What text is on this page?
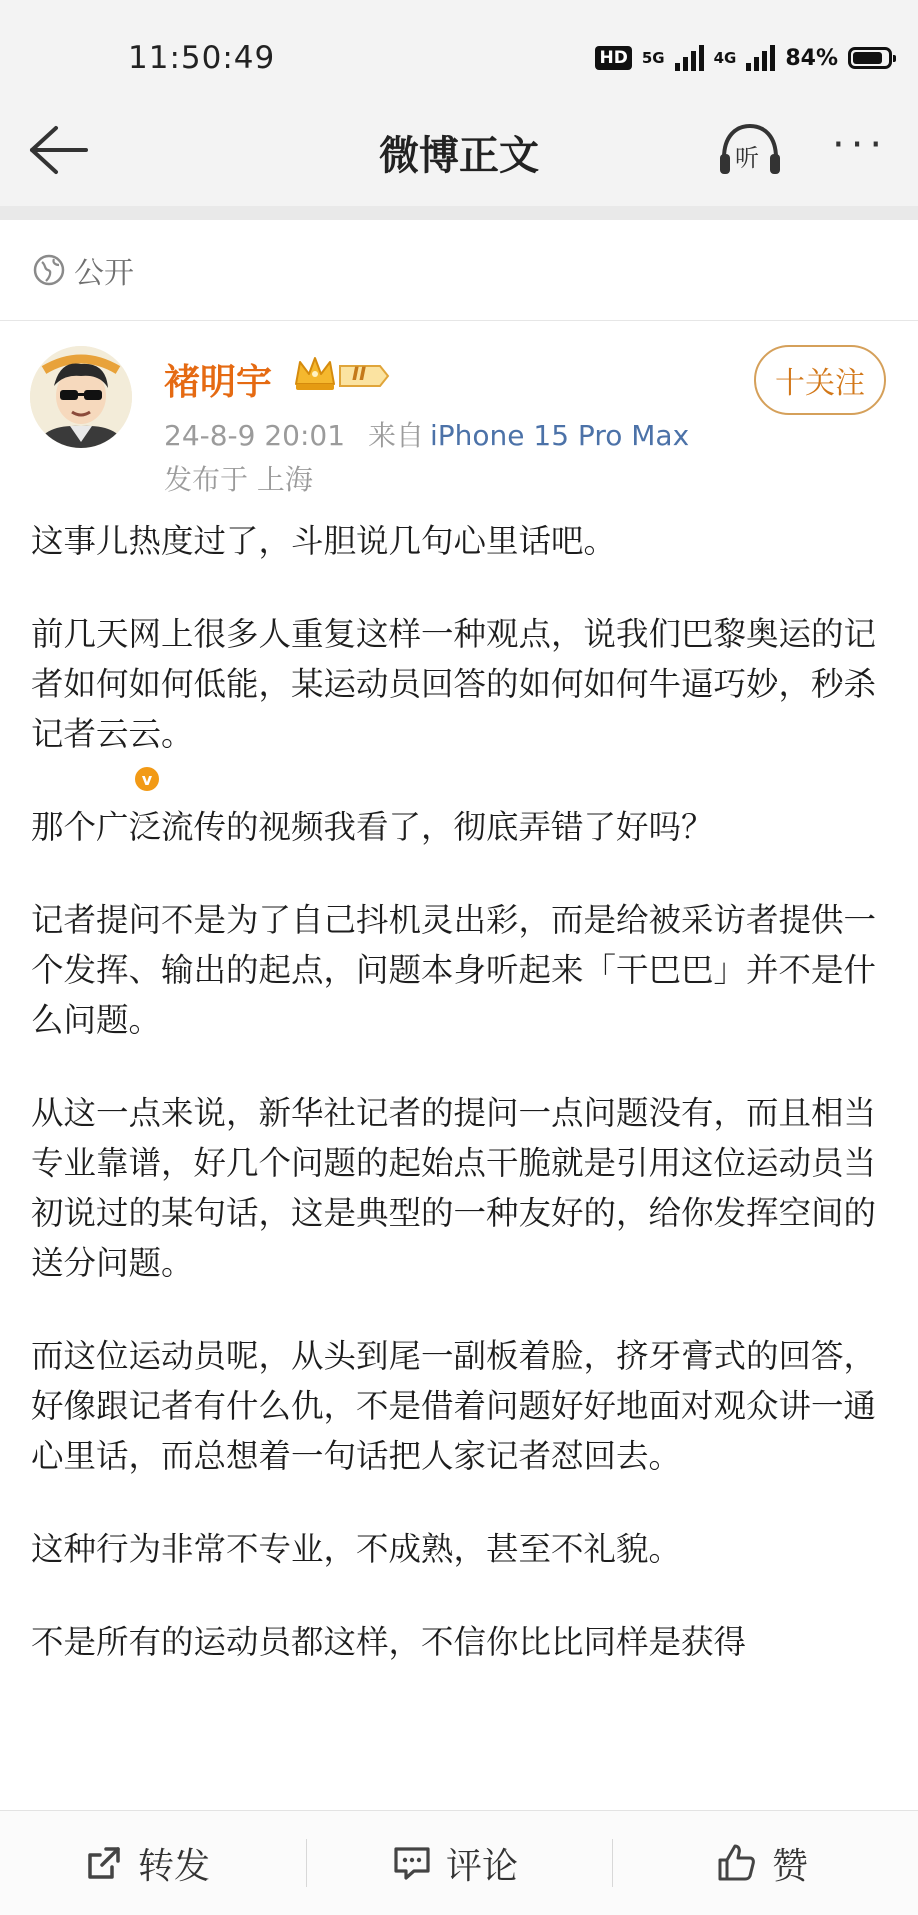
11:50:49	HD 5G	4G 84%
微博正文	听 ···
公开
v
褚明宇	II	十关注
24-8-9 20:01 来自 iPhone 15 Pro Max
发布于 上海

这事儿热度过了，斗胆说几句心里话吧。

前几天网上很多人重复这样一种观点，说我们巴黎奥运的记者如何如何低能，某运动员回答的如何如何牛逼巧妙，秒杀记者云云。

那个广泛流传的视频我看了，彻底弄错了好吗？

记者提问不是为了自己抖机灵出彩，而是给被采访者提供一个发挥、输出的起点，问题本身听起来「干巴巴」并不是什么问题。

从这一点来说，新华社记者的提问一点问题没有，而且相当专业靠谱，好几个问题的起始点干脆就是引用这位运动员当初说过的某句话，这是典型的一种友好的，给你发挥空间的送分问题。

而这位运动员呢，从头到尾一副板着脸，挤牙膏式的回答，好像跟记者有什么仇，不是借着问题好好地面对观众讲一通心里话，而总想着一句话把人家记者怼回去。

这种行为非常不专业，不成熟，甚至不礼貌。

不是所有的运动员都这样，不信你比比同样是获得

转发	评论	赞
